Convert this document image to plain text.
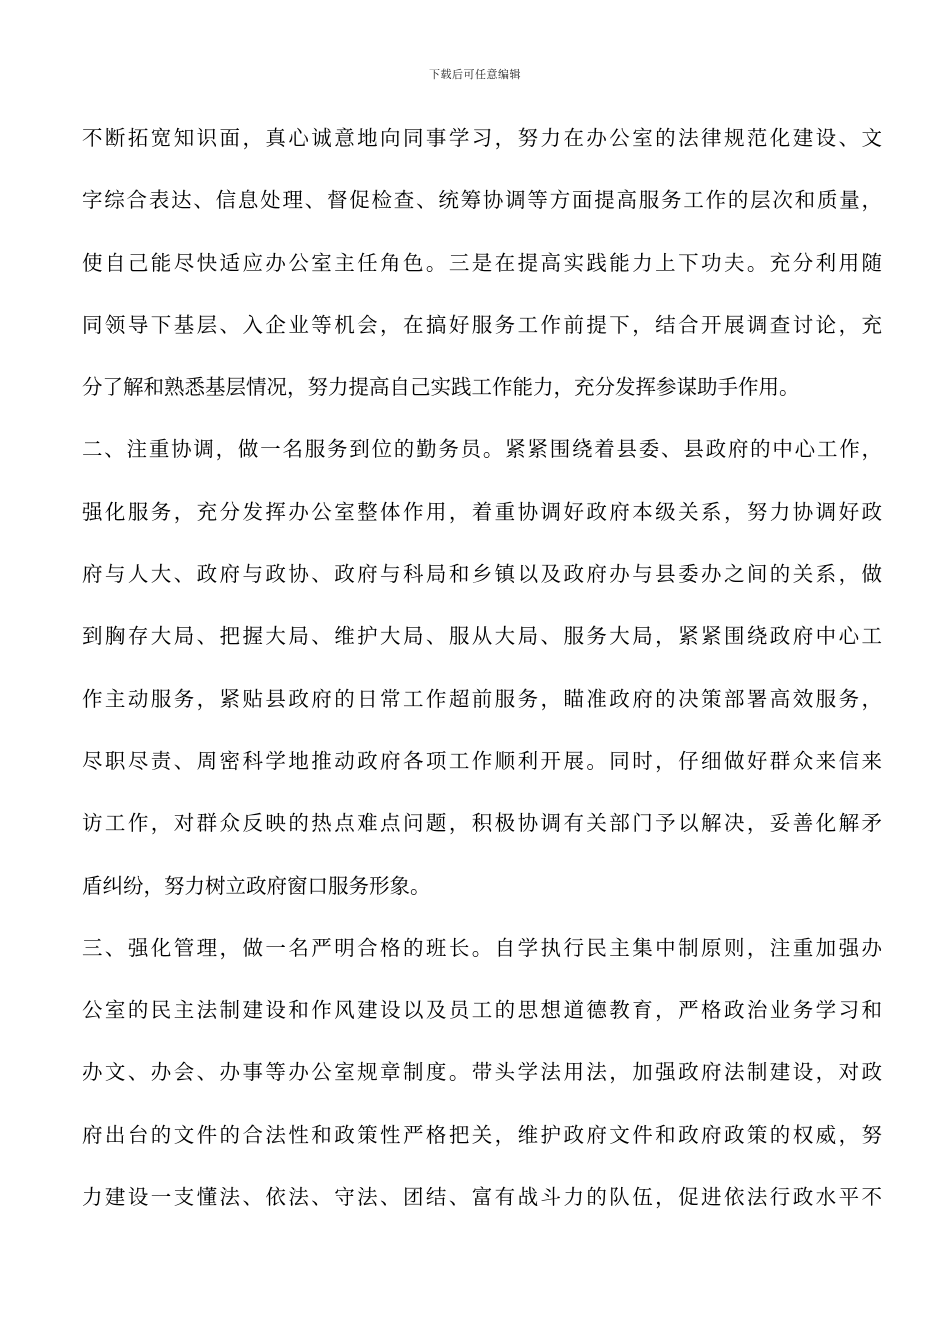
下载后可任意编辑
不断拓宽知识面，真心诚意地向同事学习，努力在办公室的法律规范化建设、文
字综合表达、信息处理、督促检查、统筹协调等方面提高服务工作的层次和质量，
使自己能尽快适应办公室主任角色。三是在提高实践能力上下功夫。充分利用随
同领导下基层、入企业等机会，在搞好服务工作前提下，结合开展调查讨论，充
分了解和熟悉基层情况，努力提高自己实践工作能力，充分发挥参谋助手作用。
二、注重协调，做一名服务到位的勤务员。紧紧围绕着县委、县政府的中心工作，
强化服务，充分发挥办公室整体作用，着重协调好政府本级关系，努力协调好政
府与人大、政府与政协、政府与科局和乡镇以及政府办与县委办之间的关系，做
到胸存大局、把握大局、维护大局、服从大局、服务大局，紧紧围绕政府中心工
作主动服务，紧贴县政府的日常工作超前服务，瞄准政府的决策部署高效服务，
尽职尽责、周密科学地推动政府各项工作顺利开展。同时，仔细做好群众来信来
访工作，对群众反映的热点难点问题，积极协调有关部门予以解决，妥善化解矛
盾纠纷，努力树立政府窗口服务形象。
三、强化管理，做一名严明合格的班长。自学执行民主集中制原则，注重加强办
公室的民主法制建设和作风建设以及员工的思想道德教育，严格政治业务学习和
办文、办会、办事等办公室规章制度。带头学法用法，加强政府法制建设，对政
府出台的文件的合法性和政策性严格把关，维护政府文件和政府政策的权威，努
力建设一支懂法、依法、守法、团结、富有战斗力的队伍，促进依法行政水平不
